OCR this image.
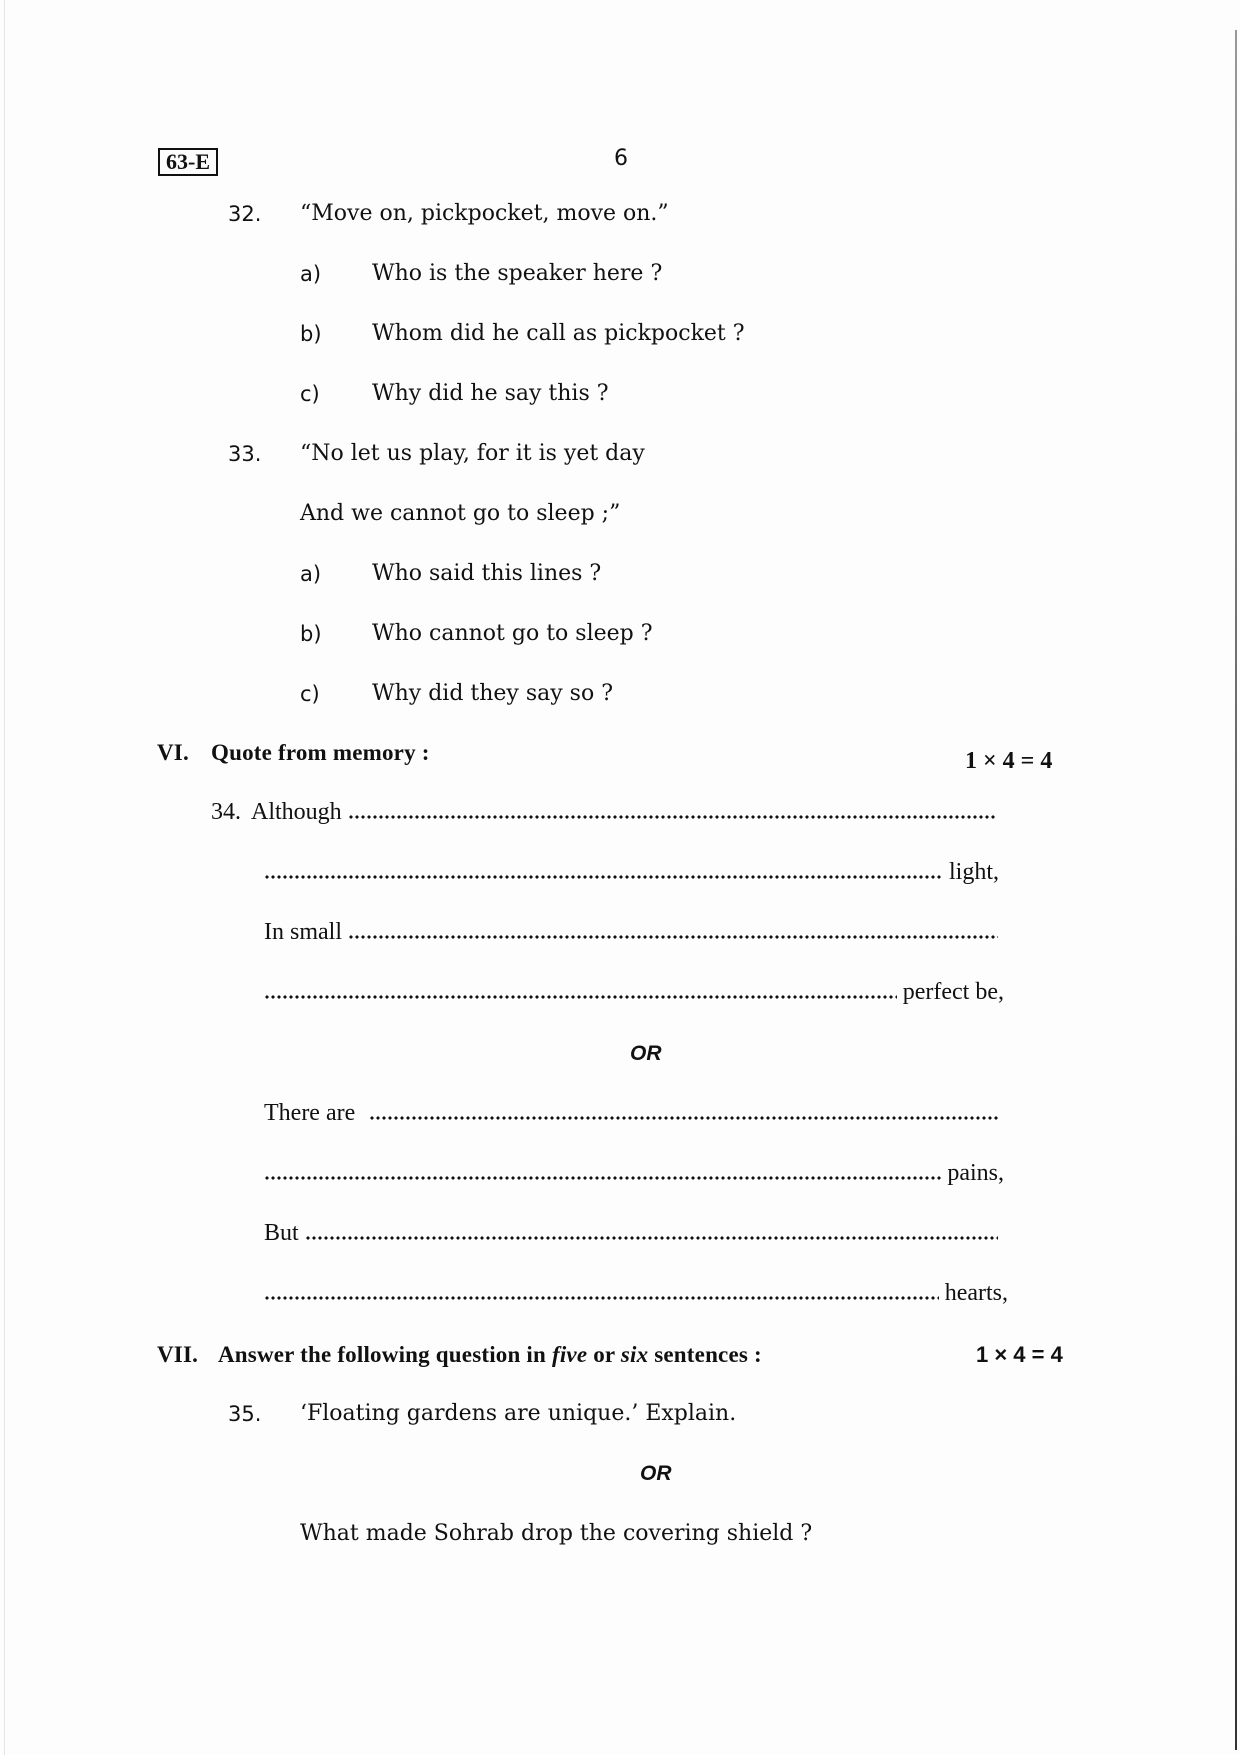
63-E	6
32. “Move on, pickpocket, move on.”
a) Who is the speaker here ?
b) Whom did he call as pickpocket ?
c) Why did he say this ?
33. “No let us play, for it is yet day
And we cannot go to sleep ;”
a) Who said this lines ?
b) Who cannot go to sleep ?
c) Why did they say so ?
VI. Quote from memory :	1 × 4 = 4
34. Although
light,
In small
perfect be,
OR
There are
pains,
But
hearts,
VII. Answer the following question in five or six sentences :	1 × 4 = 4
35. ‘Floating gardens are unique.’ Explain.
OR
What made Sohrab drop the covering shield ?
